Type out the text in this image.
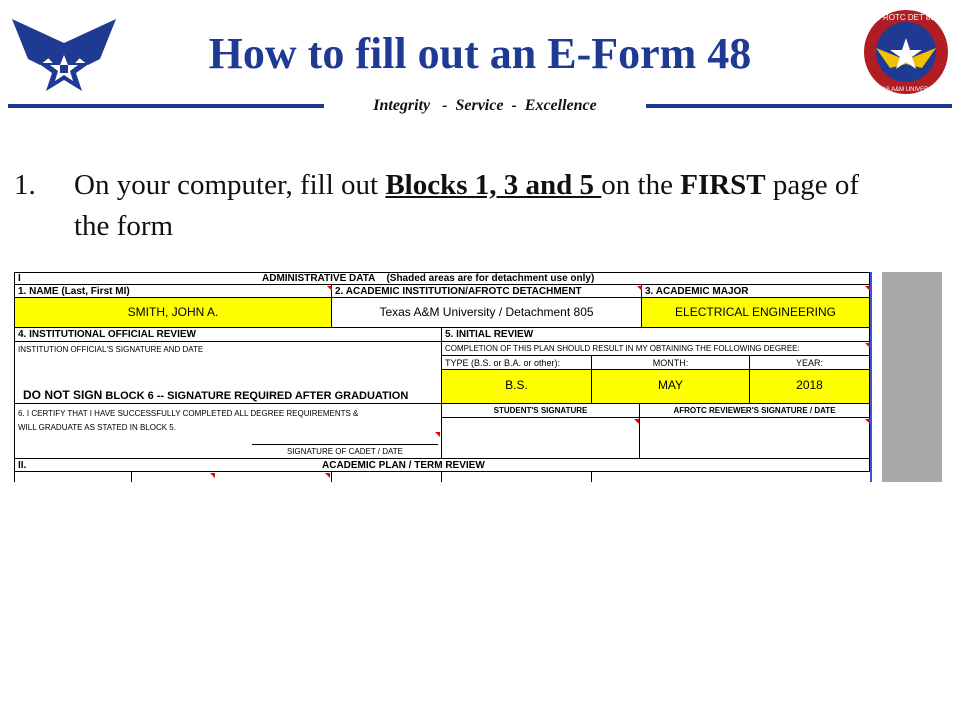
How to fill out an E-Form 48
AFROTC DET 805
TEXAS A&M UNIVERSITY
Integrity   -  Service  -  Excellence
1. On your computer, fill out Blocks 1, 3 and 5 on the FIRST page of the form
I	ADMINISTRATIVE DATA (Shaded areas are for detachment use only)
1. NAME (Last, First MI)	2. ACADEMIC INSTITUTION/AFROTC DETACHMENT	3. ACADEMIC MAJOR
SMITH, JOHN A.	Texas A&M University / Detachment 805	ELECTRICAL ENGINEERING
4. INSTITUTIONAL OFFICIAL REVIEW
INSTITUTION OFFICIAL'S SIGNATURE AND DATE
DO NOT SIGN BLOCK 6 -- SIGNATURE REQUIRED AFTER GRADUATION
6. I CERTIFY THAT I HAVE SUCCESSFULLY COMPLETED ALL DEGREE REQUIREMENTS &
WILL GRADUATE AS STATED IN BLOCK 5.
SIGNATURE OF CADET / DATE
5. INITIAL REVIEW
COMPLETION OF THIS PLAN SHOULD RESULT IN MY OBTAINING THE FOLLOWING DEGREE:
TYPE (B.S. or B.A. or other):	MONTH:	YEAR:
B.S.	MAY	2018
STUDENT'S SIGNATURE	AFROTC REVIEWER'S SIGNATURE / DATE
II.	ACADEMIC PLAN / TERM REVIEW
